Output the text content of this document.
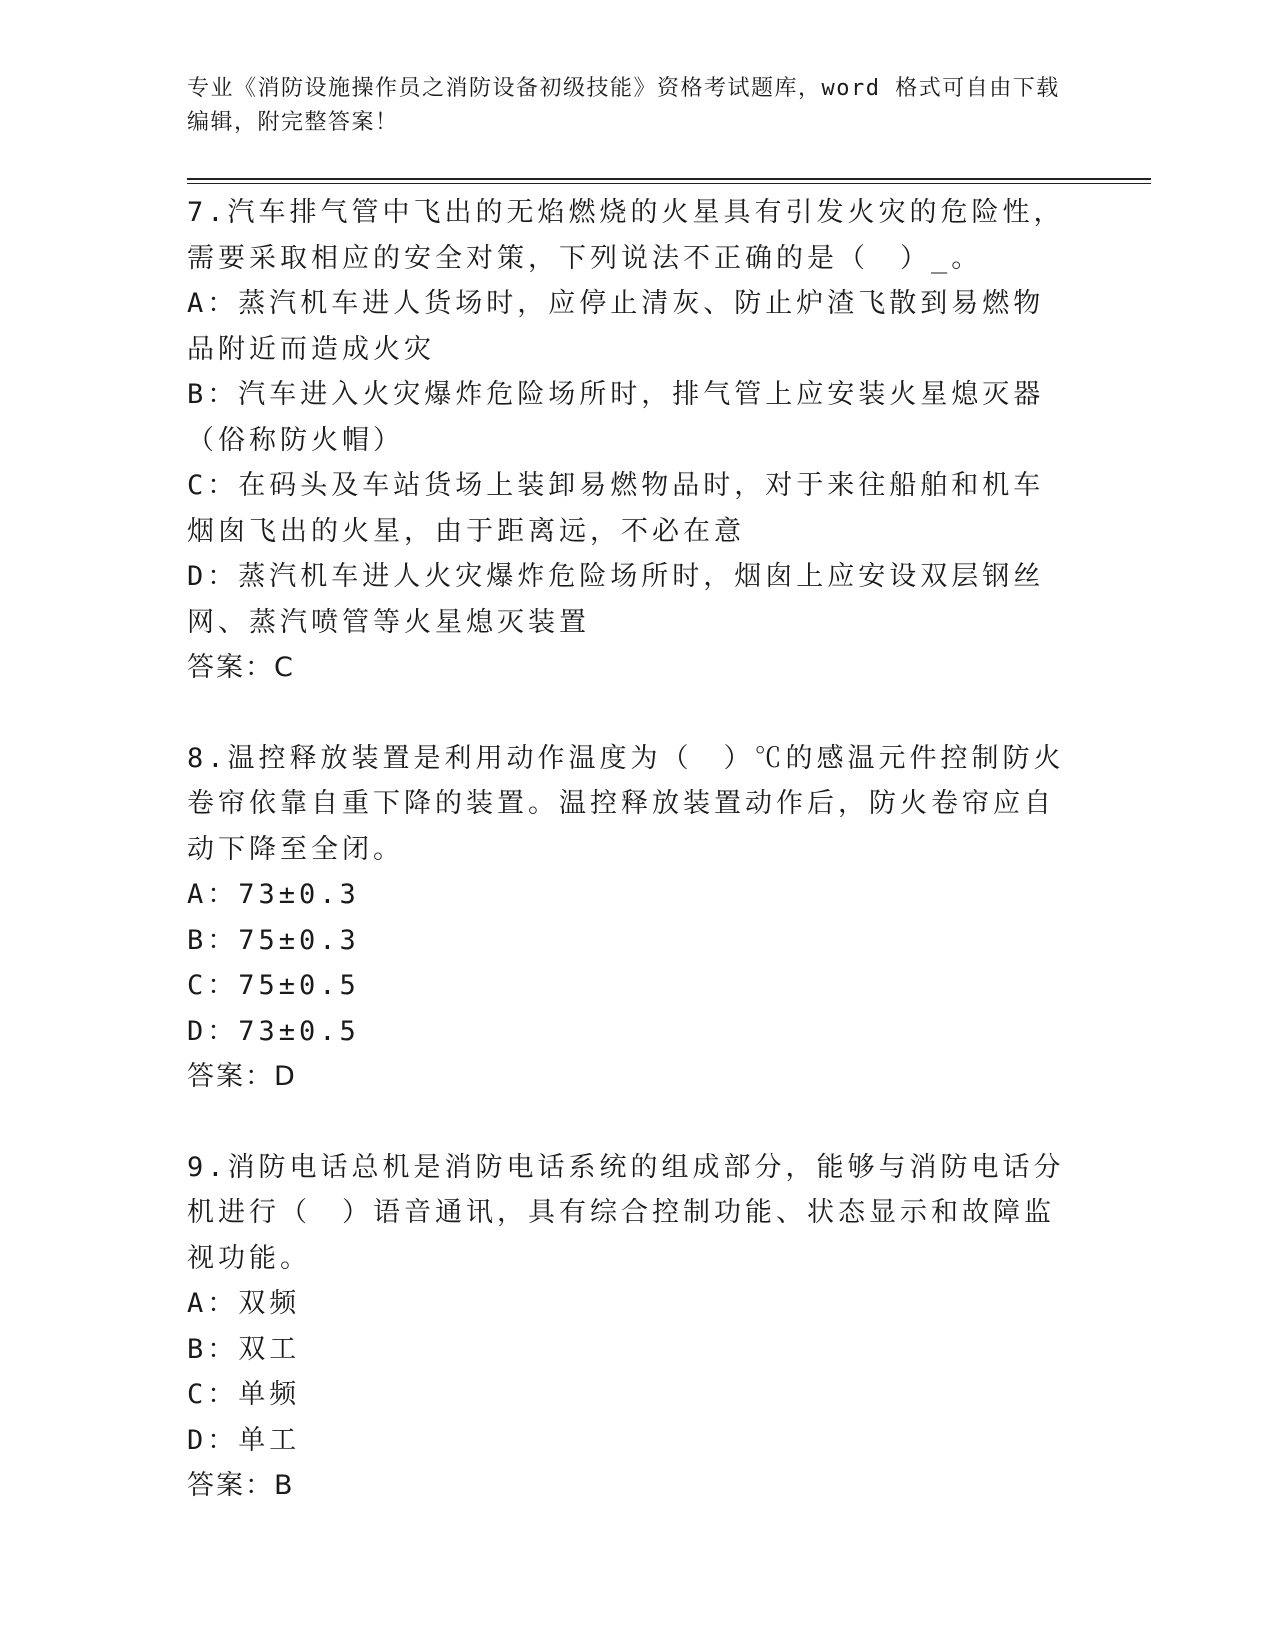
专业《消防设施操作员之消防设备初级技能》资格考试题库，word 格式可自由下载编辑，附完整答案！

7.汽车排气管中飞出的无焰燃烧的火星具有引发火灾的危险性，需要采取相应的安全对策，下列说法不正确的是（　）_。

A：蒸汽机车进人货场时，应停止清灰、防止炉渣飞散到易燃物品附近而造成火灾

B：汽车进入火灾爆炸危险场所时，排气管上应安装火星熄灭器（俗称防火帽）

C：在码头及车站货场上装卸易燃物品时，对于来往船舶和机车烟囱飞出的火星，由于距离远，不必在意

D：蒸汽机车进人火灾爆炸危险场所时，烟囱上应安设双层钢丝网、蒸汽喷管等火星熄灭装置

答案：C

8.温控释放装置是利用动作温度为（　）℃的感温元件控制防火卷帘依靠自重下降的装置。温控释放装置动作后，防火卷帘应自动下降至全闭。

A：73±0.3

B：75±0.3

C：75±0.5

D：73±0.5

答案：D

9.消防电话总机是消防电话系统的组成部分，能够与消防电话分机进行（　）语音通讯，具有综合控制功能、状态显示和故障监视功能。

A：双频

B：双工

C：单频

D：单工

答案：B
